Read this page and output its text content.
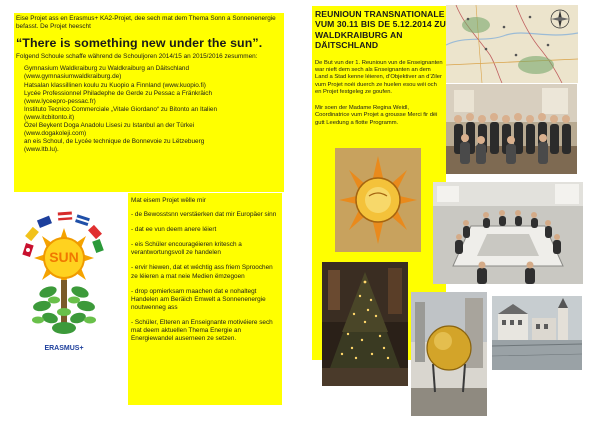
Eise Projet ass en Erasmus+ KA2-Projet, dee sech mat dem Thema Sonn a Sonnenenergie befasst. De Projet heescht
“There is something new under the sun”.
Folgend Schoule schaffe während de Schouljoren 2014/15 an 2015/2016 zesummen:
Gymnasium Waldkraiburg zu Waldkraiburg an Däitschland
(www.gymnasiumwaldkraiburg.de)
Hatsalan klassillinen koulu zu Kuopio a Finnland (www.kuopio.fi)
Lycée Professionnel Philadephe de Gerde zu Pessac a Fränkräich
(www.lyceepro-pessac.fr)
Instituto Tecnico Commerciale „Vitale Giordano“ zu Bitonto an Italien
(www.itcbitonto.it)
Özel Beykent Doga Anadolu Lisesi zu Istanbul an der Türkei
(www.dogakoleji.com)
an eis Schoul, de Lycée technique de Bonnevoie zu Lëtzebuerg
(www.ltb.lu).
Mat eisem Projet wëlle mir
- de Bewosstsnn verstäerken dat mir Europäer sinn
- dat ee vun deem anere léiert
- eis Schüler encouragéieren kritesch a verantwortungsvoll ze handelen
- ervir hiewen, dat et wéchtig ass friem Sproochen ze léieren a mat neie Medien ëmzegoen
- drop opmierksam maachen dat e nohaltegt Handelen am Beräich Emwelt a Sonnenenergie noutwenneg ass
- Schüler, Elteren an Enseignante motivéiere sech mat deem aktuellen Thema Energie an Energiewandel auserneen ze setzen.
SUN
ERASMUS+
REUNIOUN TRANSNATIONALE VUM 30.11 BIS DE 5.12.2014 ZU WALDKRAIBURG AN DÄITSCHLAND
De But vun der 1. Reunioun vun de Enseignanten war nieft dem sech als Enseignanten an dem Land a Stad kenne léieren, d’Objektiver an d’Ziler vum Projet noéi duerch ze huelen esou wéi och en Projet festgeleg ze goufen.
Mir soen der Madame Regina Weidl, Coordinatrice vum Projet a grousse Merci fir dëi gutt Leedung a flotte Programm.
